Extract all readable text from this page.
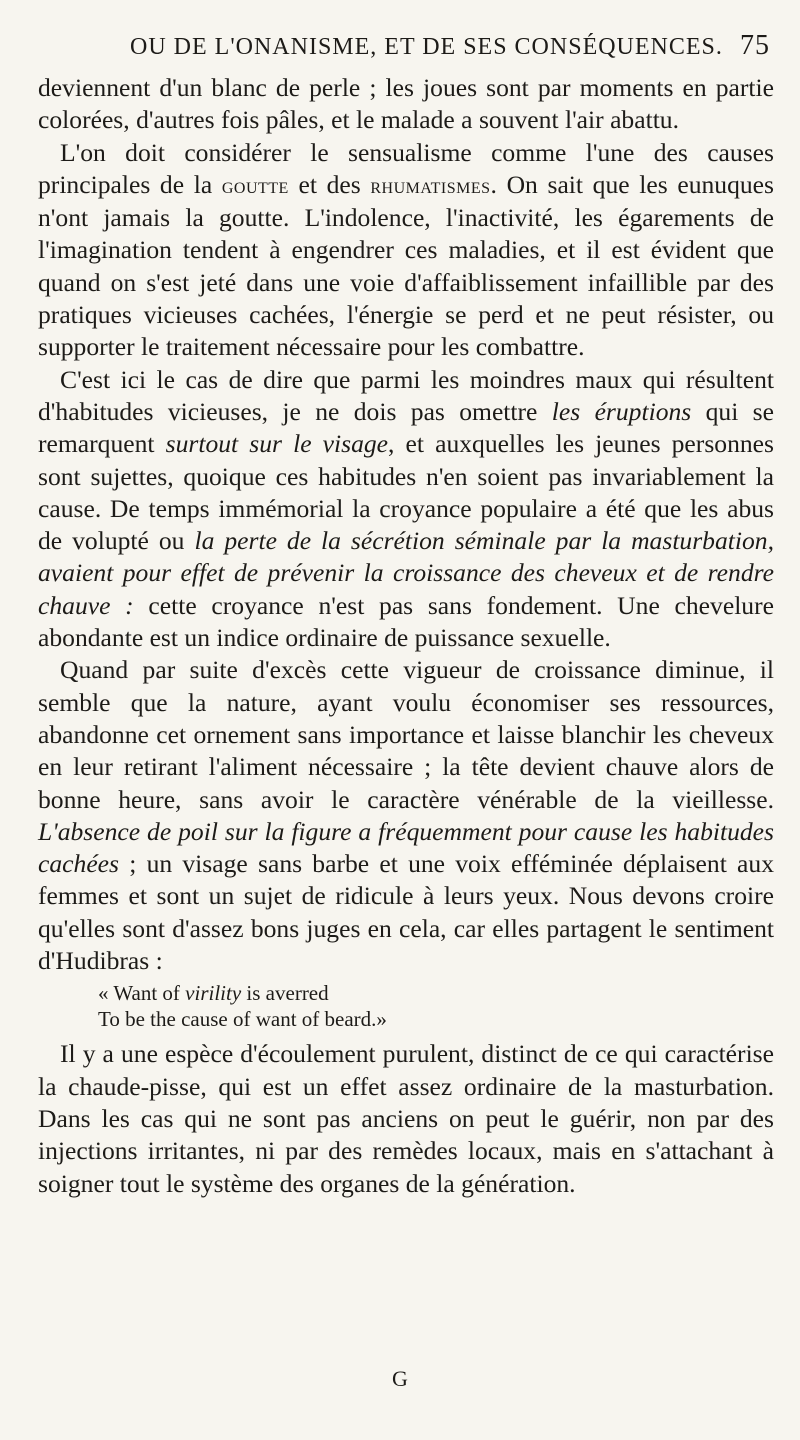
OU DE L'ONANISME, ET DE SES CONSÉQUENCES. 75

deviennent d'un blanc de perle ; les joues sont par moments en partie colorées, d'autres fois pâles, et le malade a souvent l'air abattu.

L'on doit considérer le sensualisme comme l'une des causes principales de la goutte et des rhumatismes. On sait que les eunuques n'ont jamais la goutte. L'indolence, l'inactivité, les égarements de l'imagination tendent à engendrer ces maladies, et il est évident que quand on s'est jeté dans une voie d'affaiblissement infaillible par des pratiques vicieuses cachées, l'énergie se perd et ne peut résister, ou supporter le traitement nécessaire pour les combattre.

C'est ici le cas de dire que parmi les moindres maux qui résultent d'habitudes vicieuses, je ne dois pas omettre les éruptions qui se remarquent surtout sur le visage, et auxquelles les jeunes personnes sont sujettes, quoique ces habitudes n'en soient pas invariablement la cause. De temps immémorial la croyance populaire a été que les abus de volupté ou la perte de la sécrétion séminale par la masturbation, avaient pour effet de prévenir la croissance des cheveux et de rendre chauve : cette croyance n'est pas sans fondement. Une chevelure abondante est un indice ordinaire de puissance sexuelle.

Quand par suite d'excès cette vigueur de croissance diminue, il semble que la nature, ayant voulu économiser ses ressources, abandonne cet ornement sans importance et laisse blanchir les cheveux en leur retirant l'aliment nécessaire ; la tête devient chauve alors de bonne heure, sans avoir le caractère vénérable de la vieillesse. L'absence de poil sur la figure a fréquemment pour cause les habitudes cachées ; un visage sans barbe et une voix efféminée déplaisent aux femmes et sont un sujet de ridicule à leurs yeux. Nous devons croire qu'elles sont d'assez bons juges en cela, car elles partagent le sentiment d'Hudibras :

« Want of virility is averred
To be the cause of want of beard.»

Il y a une espèce d'écoulement purulent, distinct de ce qui caractérise la chaude-pisse, qui est un effet assez ordinaire de la masturbation. Dans les cas qui ne sont pas anciens on peut le guérir, non par des injections irritantes, ni par des remèdes locaux, mais en s'attachant à soigner tout le système des organes de la génération.

G
